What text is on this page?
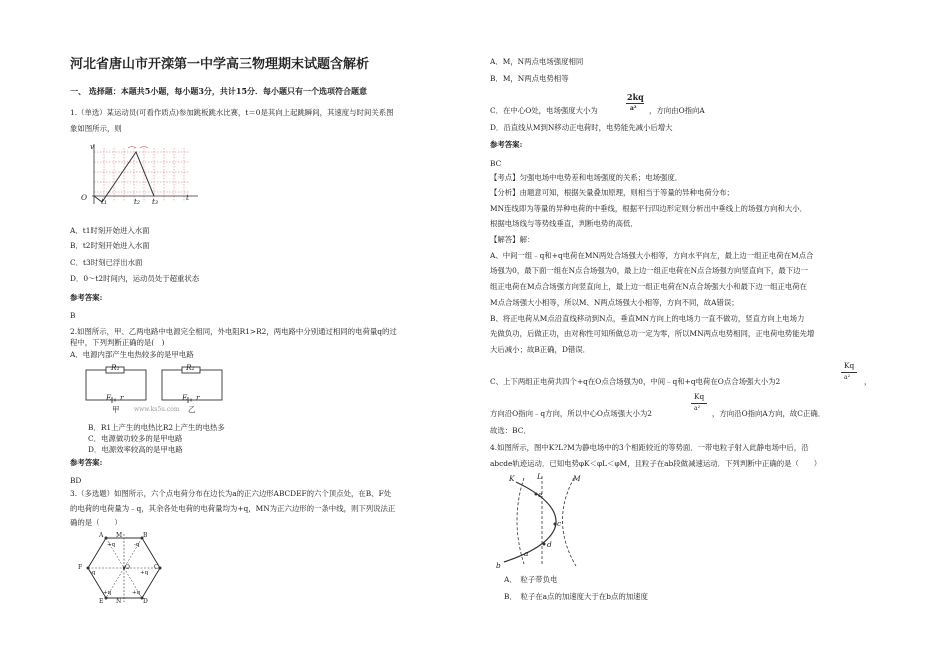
河北省唐山市开滦第一中学高三物理期末试题含解析
一、 选择题：本题共5小题，每小题3分，共计15分．每小题只有一个选项符合题意
1.（单选）某运动员(可看作质点)参加跳板跳水比赛，t＝0是其向上起跳瞬间，其速度与时间关系图
象如图所示，则
v
O t₁	t₂ t₃	t
A．t1时刻开始进入水面
B．t2时刻开始进入水面
C．t3时刻已浮出水面
D．0～t2时间内，运动员处于超重状态
参考答案:
B
2.如图所示，甲、乙两电路中电源完全相同，外电阻R1>R2，两电路中分别通过相同的电荷量q的过
程中，下列判断正确的是(　)
A．电源内部产生电热较多的是甲电路
R₁	R₂
E r	E r
甲	乙
www.ks5u.com
B．R1上产生的电热比R2上产生的电热多
C．电源做功较多的是甲电路
D．电源效率较高的是甲电路
参考答案:
BD
3.（多选题）如图所示，六个点电荷分布在边长为a的正六边形ABCDEF的六个顶点处，在B、F处
的电荷的电荷量为﹣q，其余各处电荷的电荷量均为+q，MN为正六边形的一条中线，则下列说法正
确的是（　　）
A M	B
C
D
N
E
F	O
+q	-q
+q
+q
+q
-q
A．M，N两点电场强度相同
B．M，N两点电势相等
C．在中心O处，电场强度大小为
2kq
a² ，方向由O指向A
D．沿直线从M到N移动正电荷时，电势能先减小后增大
参考答案:
BC
【考点】匀强电场中电势差和电场强度的关系；电场强度．
【分析】由题意可知，根据矢量叠加原理，则相当于等量的异种电荷分布；
MN连线即为等量的异种电荷的中垂线，根据平行四边形定则分析出中垂线上的场强方向和大小．
根据电场线与等势线垂直，判断电势的高低．
【解答】解：
A、中间一组﹣q和+q电荷在MN两处合场强大小相等，方向水平向左，最上边一组正电荷在M点合
场强为0，最下面一组在N点合场强为0，最上边一组正电荷在N点合场强方向竖直向下，最下边一
组正电荷在M点合场强方向竖直向上，最上边一组正电荷在N点合场强大小和最下边一组正电荷在
M点合场强大小相等，所以M、N两点场强大小相等，方向不同，故A错误；
B、将正电荷从M点沿直线移动到N点，垂直MN方向上的电场力一直不做功，竖直方向上电场力
先做负功，后做正功，由对称性可知所做总功一定为零，所以MN两点电势相同，正电荷电势能先增
大后减小；故B正确，D错误．
C、上下两组正电荷共四个+q在O点合场强为0，中间﹣q和+q电荷在O点合场强大小为2
Kq
a² ，
方向沿O指向﹣q方向，所以中心O点场强大小为2
Kq
a²
，方向沿O指向A方向，故C正确．
故选：BC．
4.如图所示，图中K?L?M为静电场中的3个相距较近的等势面．一带电粒子射入此静电场中后，沿
abcde轨迹运动．已知电势φK＜φL＜φM，且粒子在ab段做减速运动．下列判断中正确的是（　　）
K	L	M
e
c
d
a
b
A．　粒子带负电
B．　粒子在a点的加速度大于在b点的加速度
